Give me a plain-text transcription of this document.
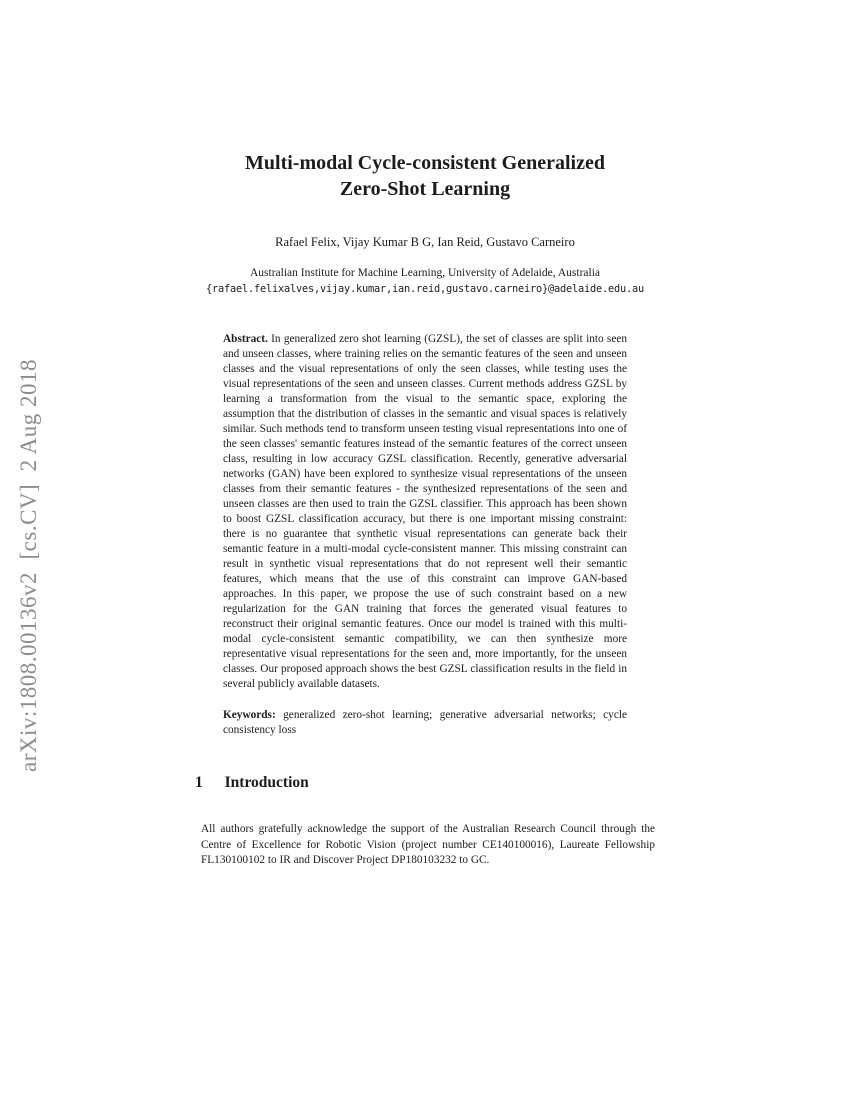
arXiv:1808.00136v2  [cs.CV]  2 Aug 2018
Multi-modal Cycle-consistent Generalized
Zero-Shot Learning
Rafael Felix, Vijay Kumar B G, Ian Reid, Gustavo Carneiro
Australian Institute for Machine Learning, University of Adelaide, Australia
{rafael.felixalves,vijay.kumar,ian.reid,gustavo.carneiro}@adelaide.edu.au

Abstract. In generalized zero shot learning (GZSL), the set of classes are split into seen and unseen classes, where training relies on the semantic features of the seen and unseen classes and the visual representations of only the seen classes, while testing uses the visual representations of the seen and unseen classes. Current methods address GZSL by learning a transformation from the visual to the semantic space, exploring the assumption that the distribution of classes in the semantic and visual spaces is relatively similar. Such methods tend to transform unseen testing visual representations into one of the seen classes' semantic features instead of the semantic features of the correct unseen class, resulting in low accuracy GZSL classification. Recently, generative adversarial networks (GAN) have been explored to synthesize visual representations of the unseen classes from their semantic features - the synthesized representations of the seen and unseen classes are then used to train the GZSL classifier. This approach has been shown to boost GZSL classification accuracy, but there is one important missing constraint: there is no guarantee that synthetic visual representations can generate back their semantic feature in a multi-modal cycle-consistent manner. This missing constraint can result in synthetic visual representations that do not represent well their semantic features, which means that the use of this constraint can improve GAN-based approaches. In this paper, we propose the use of such constraint based on a new regularization for the GAN training that forces the generated visual features to reconstruct their original semantic features. Once our model is trained with this multi-modal cycle-consistent semantic compatibility, we can then synthesize more representative visual representations for the seen and, more importantly, for the unseen classes. Our proposed approach shows the best GZSL classification results in the field in several publicly available datasets.

Keywords: generalized zero-shot learning; generative adversarial networks; cycle consistency loss

1 Introduction

All authors gratefully acknowledge the support of the Australian Research Council through the Centre of Excellence for Robotic Vision (project number CE140100016), Laureate Fellowship FL130100102 to IR and Discover Project DP180103232 to GC.
